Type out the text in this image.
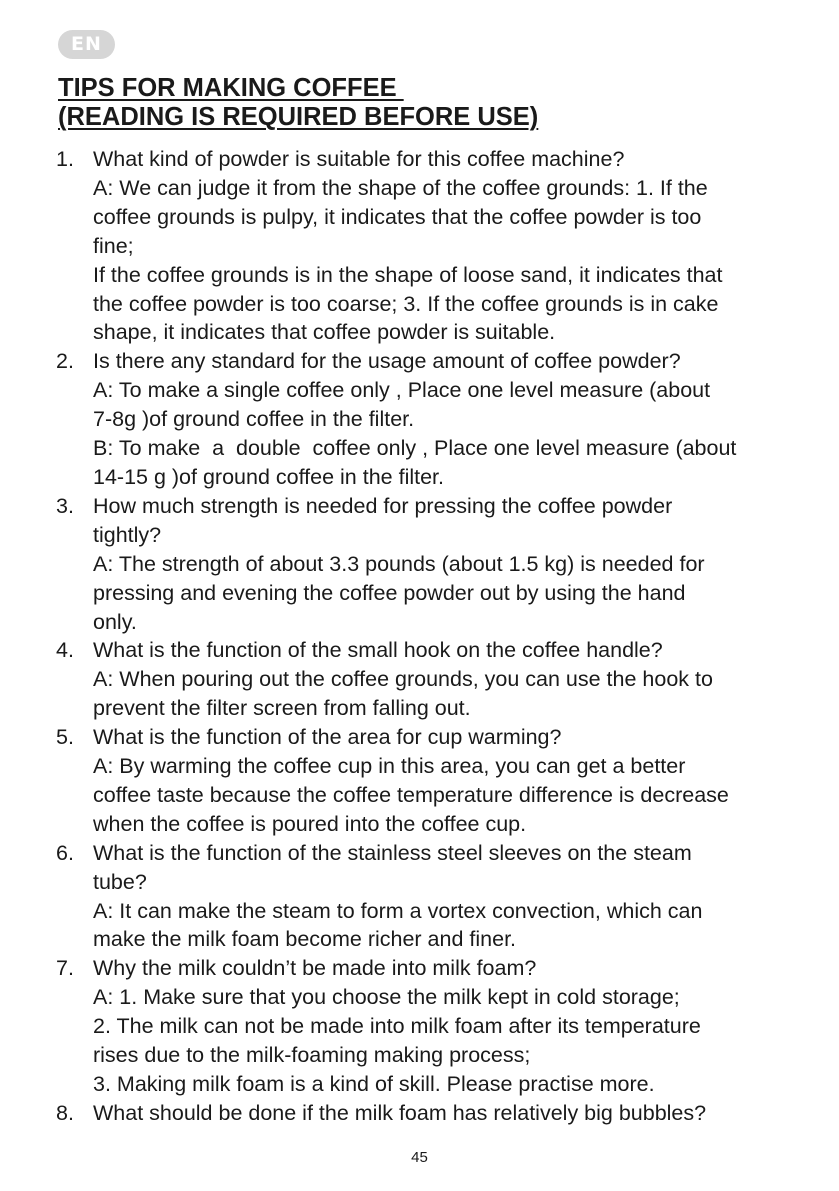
EN
TIPS FOR MAKING COFFEE
(READING IS REQUIRED BEFORE USE)
1. What kind of powder is suitable for this coffee machine?
A: We can judge it from the shape of the coffee grounds: 1. If the
coffee grounds is pulpy, it indicates that the coffee powder is too
fine;
If the coffee grounds is in the shape of loose sand, it indicates that
the coffee powder is too coarse; 3. If the coffee grounds is in cake
shape, it indicates that coffee powder is suitable.
2. Is there any standard for the usage amount of coffee powder?
A: To make a single coffee only , Place one level measure (about
7-8g )of ground coffee in the filter.
B: To make  a  double  coffee only , Place one level measure (about
14-15 g )of ground coffee in the filter.
3. How much strength is needed for pressing the coffee powder
tightly?
A: The strength of about 3.3 pounds (about 1.5 kg) is needed for
pressing and evening the coffee powder out by using the hand
only.
4. What is the function of the small hook on the coffee handle?
A: When pouring out the coffee grounds, you can use the hook to
prevent the filter screen from falling out.
5. What is the function of the area for cup warming?
A: By warming the coffee cup in this area, you can get a better
coffee taste because the coffee temperature difference is decrease
when the coffee is poured into the coffee cup.
6. What is the function of the stainless steel sleeves on the steam
tube?
A: It can make the steam to form a vortex convection, which can
make the milk foam become richer and finer.
7. Why the milk couldn’t be made into milk foam?
A: 1. Make sure that you choose the milk kept in cold storage;
2. The milk can not be made into milk foam after its temperature
rises due to the milk-foaming making process;
3. Making milk foam is a kind of skill. Please practise more.
8. What should be done if the milk foam has relatively big bubbles?
45
